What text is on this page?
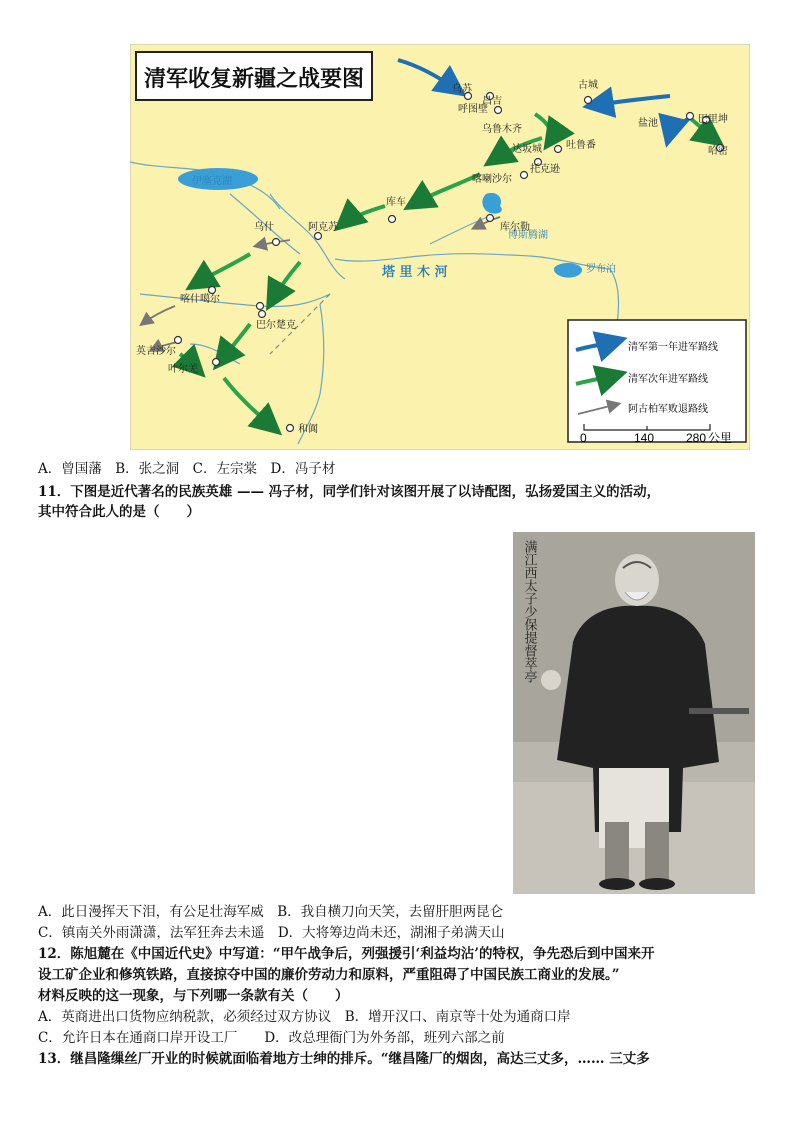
清军收复新疆之战要图
伊塞克湖
博斯腾湖
罗布泊
塔 里 木 河
乌苏
昌吉
呼图壁
乌鲁木齐
古城
巴里坤
盐池
哈密
达坂城 吐鲁番
托克逊
喀喇沙尔
库车
库尔勒
阿克苏
乌什
喀什噶尔
巴尔楚克
英吉沙尔
叶尔羌
和阗
清军第一年进军路线
清军次年进军路线
阿古柏军败退路线
0	140	280 公里
A．曾国藩　B．张之洞　C．左宗棠　D．冯子材
11．下图是近代著名的民族英雄 —— 冯子材，同学们针对该图开展了以诗配图，弘扬爱国主义的活动，
其中符合此人的是（　　）
满江西太子少保提督萃亭
A．此日漫挥天下泪，有公足壮海军威　B．我自横刀向天笑，去留肝胆两昆仑
C．镇南关外雨潇潇，法军狂奔去未遥　D．大将筹边尚未还，湖湘子弟满天山
12．陈旭麓在《中国近代史》中写道：“甲午战争后，列强援引‘利益均沾’的特权，争先恐后到中国来开
设工矿企业和修筑铁路，直接掠夺中国的廉价劳动力和原料，严重阻碍了中国民族工商业的发展。”
材料反映的这一现象，与下列哪一条款有关（　　）
A．英商进出口货物应纳税款，必须经过双方协议　B．增开汉口、南京等十处为通商口岸
C．允许日本在通商口岸开设工厂　　D．改总理衙门为外务部，班列六部之前
13．继昌隆缫丝厂开业的时候就面临着地方士绅的排斥。“继昌隆厂的烟囱，高达三丈多，…… 三丈多
